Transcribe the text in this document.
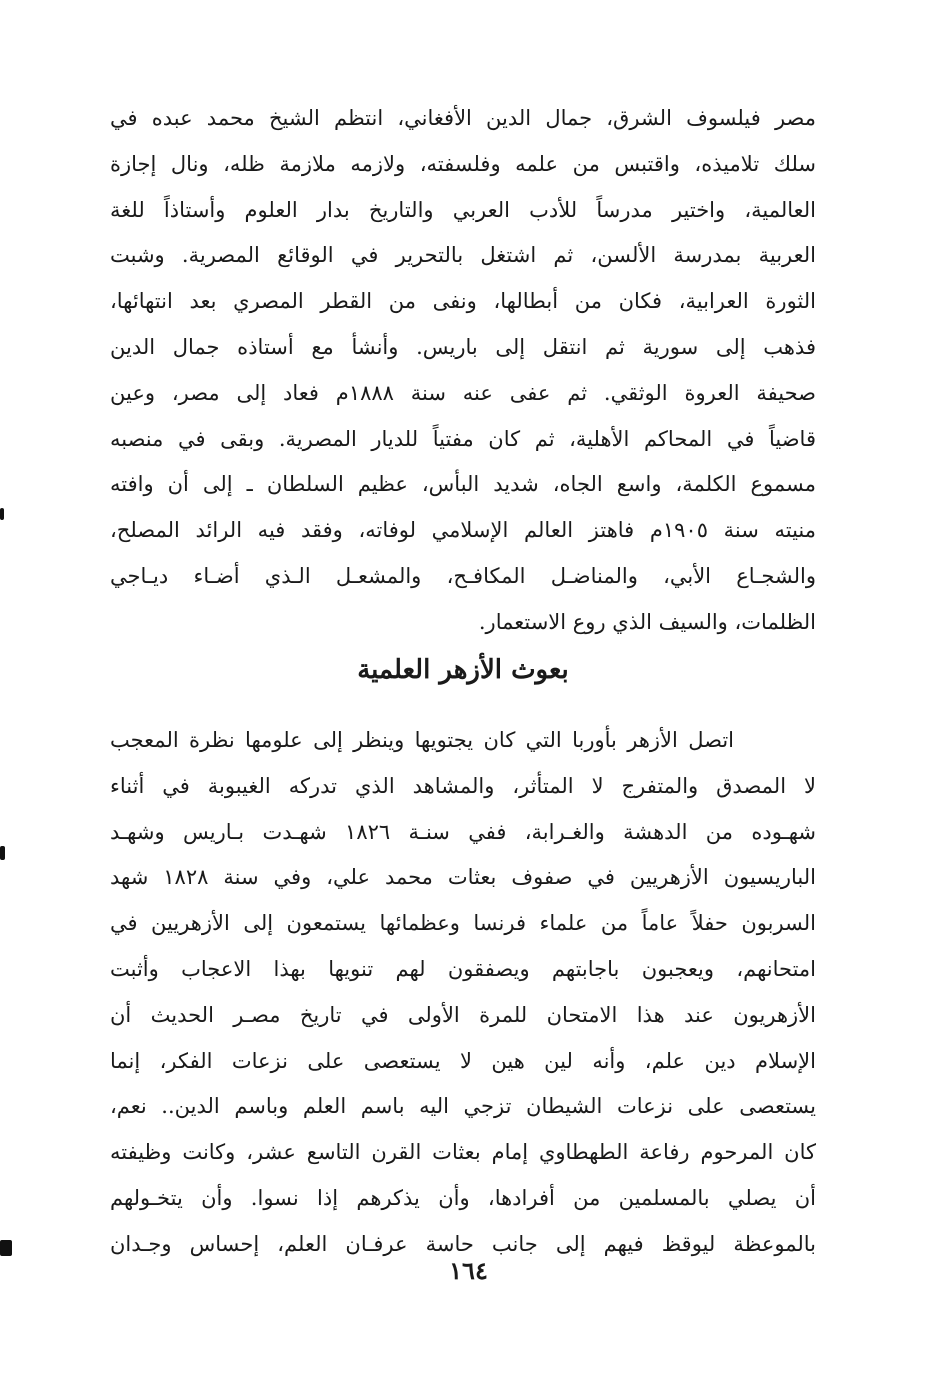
مصر فيلسوف الشرق، جمال الدين الأفغاني، انتظم الشيخ محمد عبده في
سلك تلاميذه، واقتبس من علمه وفلسفته، ولازمه ملازمة ظله، ونال إجازة
العالمية، واختير مدرساً للأدب العربي والتاريخ بدار العلوم وأستاذاً للغة
العربية بمدرسة الألسن، ثم اشتغل بالتحرير في الوقائع المصرية. وشبت
الثورة العرابية، فكان من أبطالها، ونفى من القطر المصري بعد انتهائها،
فذهب إلى سورية ثم انتقل إلى باريس. وأنشأ مع أستاذه جمال الدين
صحيفة العروة الوثقي. ثم عفى عنه سنة ١٨٨٨م فعاد إلى مصر، وعين
قاضياً في المحاكم الأهلية، ثم كان مفتياً للديار المصرية. وبقى في منصبه
مسموع الكلمة، واسع الجاه، شديد البأس، عظيم السلطان ـ إلى أن وافته
منيته سنة ١٩٠٥م فاهتز العالم الإسلامي لوفاته، وفقد فيه الرائد المصلح،
والشجـاع الأبي، والمناضـل المكافـح، والمشعـل الـذي أضـاء ديـاجي
الظلمات، والسيف الذي روع الاستعمار.
بعوث الأزهر العلمية
اتصل الأزهر بأوربا التي كان يجتويها وينظر إلى علومها نظرة المعجب
لا المصدق والمتفرج لا المتأثر، والمشاهد الذي تدركه الغيبوبة في أثناء
شهـوده من الدهشة والغـرابة، ففي سنـة ١٨٢٦ شهـدت بـاريس وشهـد
الباريسيون الأزهريين في صفوف بعثات محمد علي، وفي سنة ١٨٢٨ شهد
السربون حفلاً عاماً من علماء فرنسا وعظمائها يستمعون إلى الأزهريين في
امتحانهم، ويعجبون باجابتهم ويصفقون لهم تنويها بهذا الاعجاب وأثبت
الأزهريون عند هذا الامتحان للمرة الأولى في تاريخ مصـر الحديث أن
الإسلام دين علم، وأنه لين هين لا يستعصى على نزعات الفكر، إنما
يستعصى على نزعات الشيطان تزجي اليه باسم العلم وباسم الدين.. نعم،
كان المرحوم رفاعة الطهطاوي إمام بعثات القرن التاسع عشر، وكانت وظيفته
أن يصلي بالمسلمين من أفرادها، وأن يذكرهم إذا نسوا. وأن يتخـولهم
بالموعظة ليوقظ فيهم إلى جانب حاسة عرفـان العلم، إحساس وجـدان
١٦٤
